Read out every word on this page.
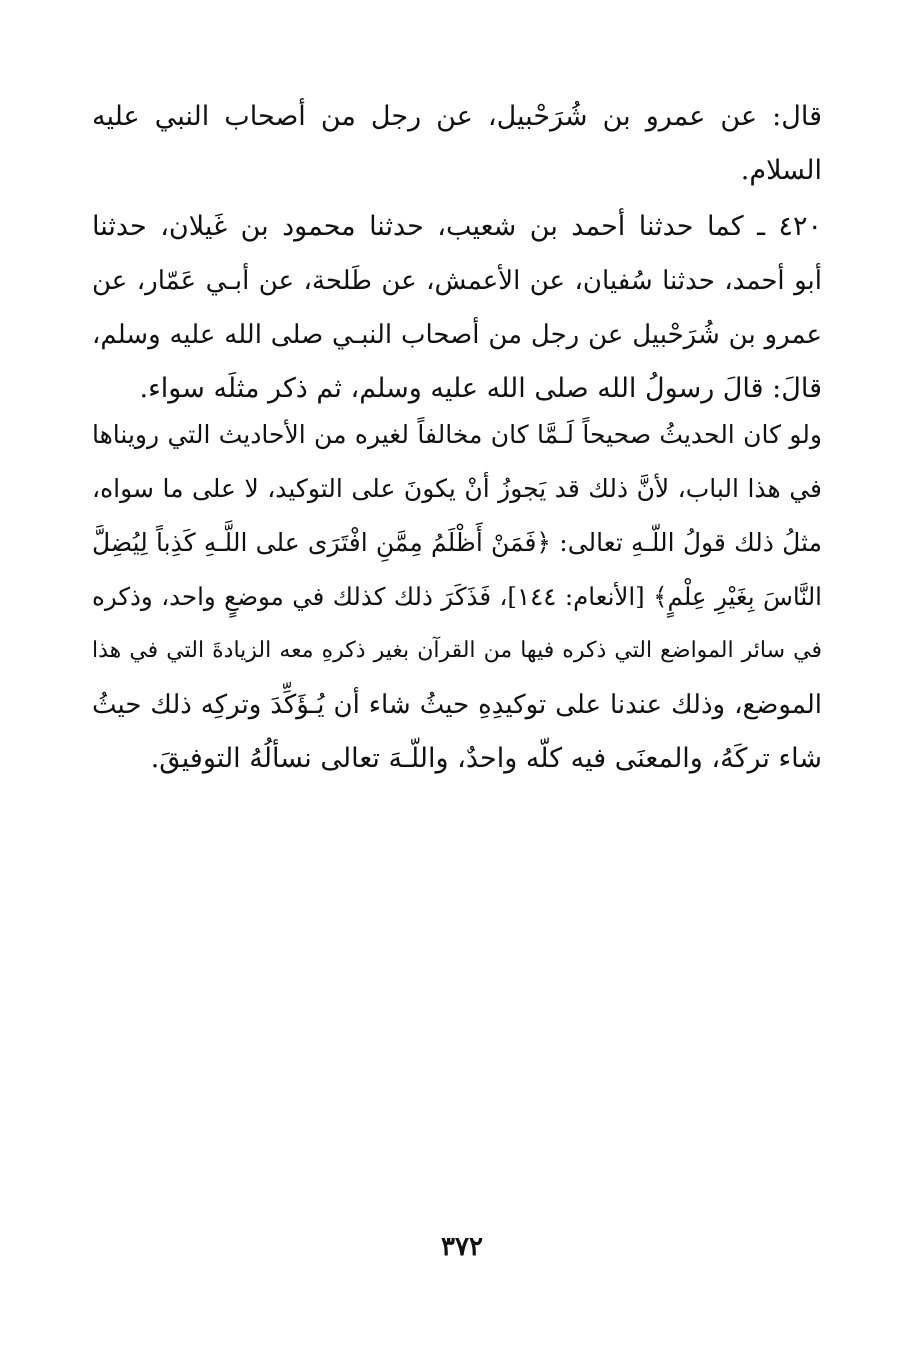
قال: عن عمرو بن شُرَحْبيل، عن رجل من أصحاب النبي عليه
السلام.
٤٢٠ ـ كما حدثنا أحمد بن شعيب، حدثنا محمود بن غَيلان، حدثنا
أبو أحمد، حدثنا سُفيان، عن الأعمش، عن طَلحة، عن أبـي عَمّار، عن
عمرو بن شُرَحْبيل عن رجل من أصحاب النبـي صلى الله عليه وسلم،
قالَ: قالَ رسولُ الله صلى الله عليه وسلم، ثم ذكر مثلَه سواء.
ولو كان الحديثُ صحيحاً لَـمَّا كان مخالفاً لغيره من الأحاديث التي رويناها
في هذا الباب، لأنَّ ذلك قد يَجوزُ أنْ يكونَ على التوكيد، لا على ما سواه،
مثلُ ذلك قولُ اللّـهِ تعالى: ﴿فَمَنْ أَظْلَمُ مِمَّنِ افْتَرَى على اللَّـهِ كَذِباً لِيُضِلَّ
النَّاسَ بِغَيْرِ عِلْمٍ﴾ [الأنعام: ١٤٤]، فَذَكَرَ ذلك كذلك في موضعٍ واحد، وذكره
في سائر المواضع التي ذكره فيها من القرآن بغير ذكرهِ معه الزيادةَ التي في هذا
الموضع، وذلك عندنا على توكيدِهِ حيثُ شاء أن يُـؤَكِّدَ وتركِه ذلك حيثُ
شاء تركَهُ، والمعنَى فيه كلّه واحدٌ، واللّـهَ تعالى نسألُهُ التوفيقَ.
٣٧٢
